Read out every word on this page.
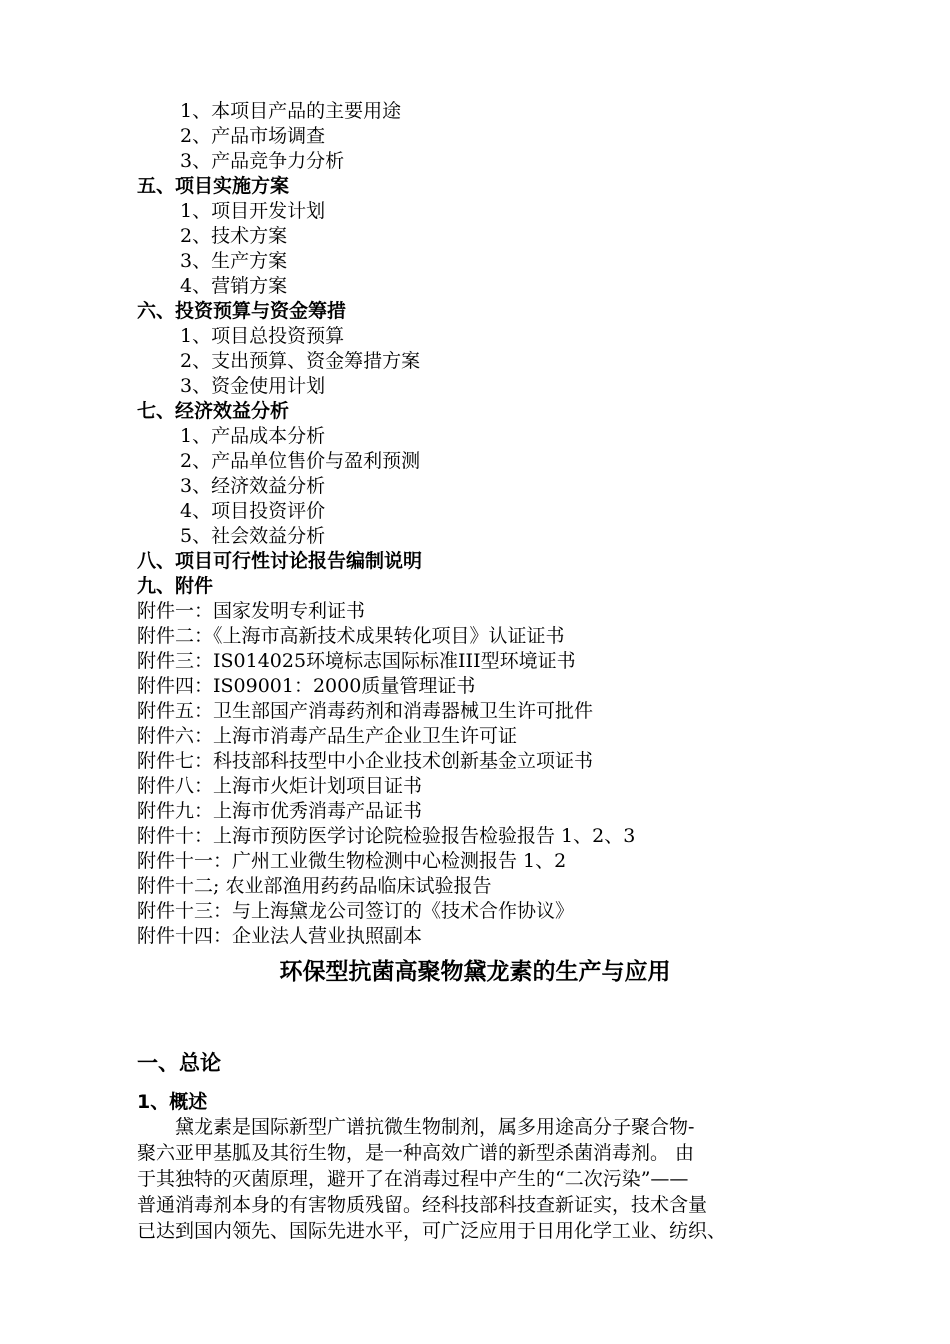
1、本项目产品的主要用途
2、产品市场调查
3、产品竞争力分析
五、项目实施方案
1、项目开发计划
2、技术方案
3、生产方案
4、营销方案
六、投资预算与资金筹措
1、项目总投资预算
2、支出预算、资金筹措方案
3、资金使用计划
七、经济效益分析
1、产品成本分析
2、产品单位售价与盈利预测
3、经济效益分析
4、项目投资评价
5、社会效益分析
八、项目可行性讨论报告编制说明
九、附件
附件一：国家发明专利证书
附件二：《上海市高新技术成果转化项目》认证证书
附件三：IS014025环境标志国际标准III型环境证书
附件四：IS09001：2000质量管理证书
附件五：卫生部国产消毒药剂和消毒器械卫生许可批件
附件六：上海市消毒产品生产企业卫生许可证
附件七：科技部科技型中小企业技术创新基金立项证书
附件八：上海市火炬计划项目证书
附件九：上海市优秀消毒产品证书
附件十：上海市预防医学讨论院检验报告检验报告 1、2、3
附件十一：广州工业微生物检测中心检测报告 1、2
附件十二; 农业部渔用药药品临床试验报告
附件十三：与上海黛龙公司签订的《技术合作协议》
附件十四：企业法人营业执照副本
环保型抗菌高聚物黛龙素的生产与应用
一、总论
1、概述
黛龙素是国际新型广谱抗微生物制剂，属多用途高分子聚合物-
聚六亚甲基胍及其衍生物，是一种高效广谱的新型杀菌消毒剂。 由
于其独特的灭菌原理，避开了在消毒过程中产生的“二次污染”——
普通消毒剂本身的有害物质残留。经科技部科技查新证实，技术含量
已达到国内领先、国际先进水平，可广泛应用于日用化学工业、纺织、
